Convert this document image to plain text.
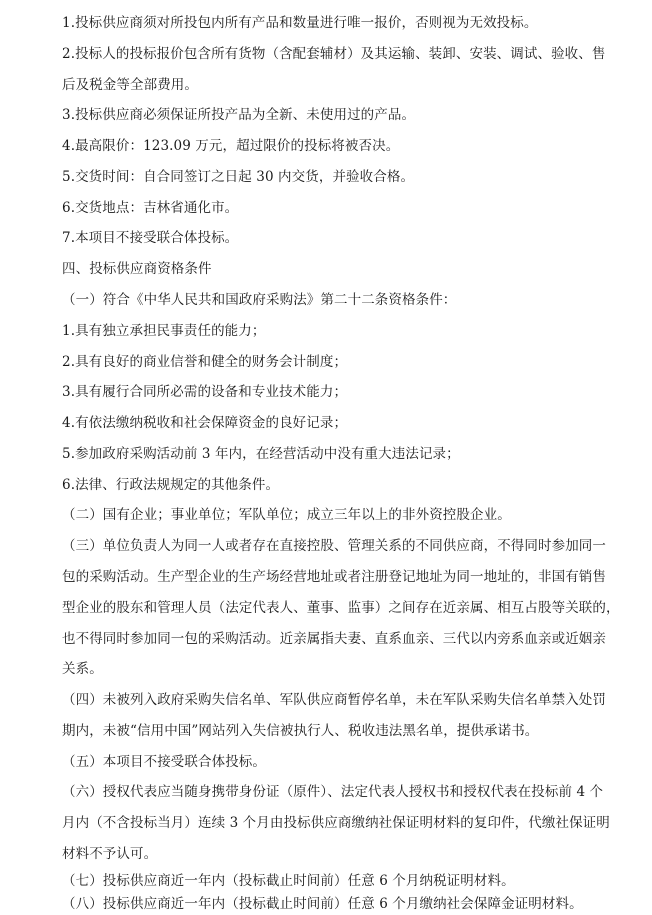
1.投标供应商须对所投包内所有产品和数量进行唯一报价，否则视为无效投标。
2.投标人的投标报价包含所有货物（含配套辅材）及其运输、装卸、安装、调试、验收、售
后及税金等全部费用。
3.投标供应商必须保证所投产品为全新、未使用过的产品。
4.最高限价：123.09 万元，超过限价的投标将被否决。
5.交货时间：自合同签订之日起 30 内交货，并验收合格。
6.交货地点：吉林省通化市。
7.本项目不接受联合体投标。
四、投标供应商资格条件
（一）符合《中华人民共和国政府采购法》第二十二条资格条件：
1.具有独立承担民事责任的能力；
2.具有良好的商业信誉和健全的财务会计制度；
3.具有履行合同所必需的设备和专业技术能力；
4.有依法缴纳税收和社会保障资金的良好记录；
5.参加政府采购活动前 3 年内，在经营活动中没有重大违法记录；
6.法律、行政法规规定的其他条件。
（二）国有企业；事业单位；军队单位；成立三年以上的非外资控股企业。
（三）单位负责人为同一人或者存在直接控股、管理关系的不同供应商，不得同时参加同一
包的采购活动。生产型企业的生产场经营地址或者注册登记地址为同一地址的，非国有销售
型企业的股东和管理人员（法定代表人、董事、监事）之间存在近亲属、相互占股等关联的，
也不得同时参加同一包的采购活动。近亲属指夫妻、直系血亲、三代以内旁系血亲或近姻亲
关系。
（四）未被列入政府采购失信名单、军队供应商暂停名单，未在军队采购失信名单禁入处罚
期内，未被“信用中国”网站列入失信被执行人、税收违法黑名单，提供承诺书。
（五）本项目不接受联合体投标。
（六）授权代表应当随身携带身份证（原件）、法定代表人授权书和授权代表在投标前 4 个
月内（不含投标当月）连续 3 个月由投标供应商缴纳社保证明材料的复印件，代缴社保证明
材料不予认可。
（七）投标供应商近一年内（投标截止时间前）任意 6 个月纳税证明材料。
（八）投标供应商近一年内（投标截止时间前）任意 6 个月缴纳社会保障金证明材料。
